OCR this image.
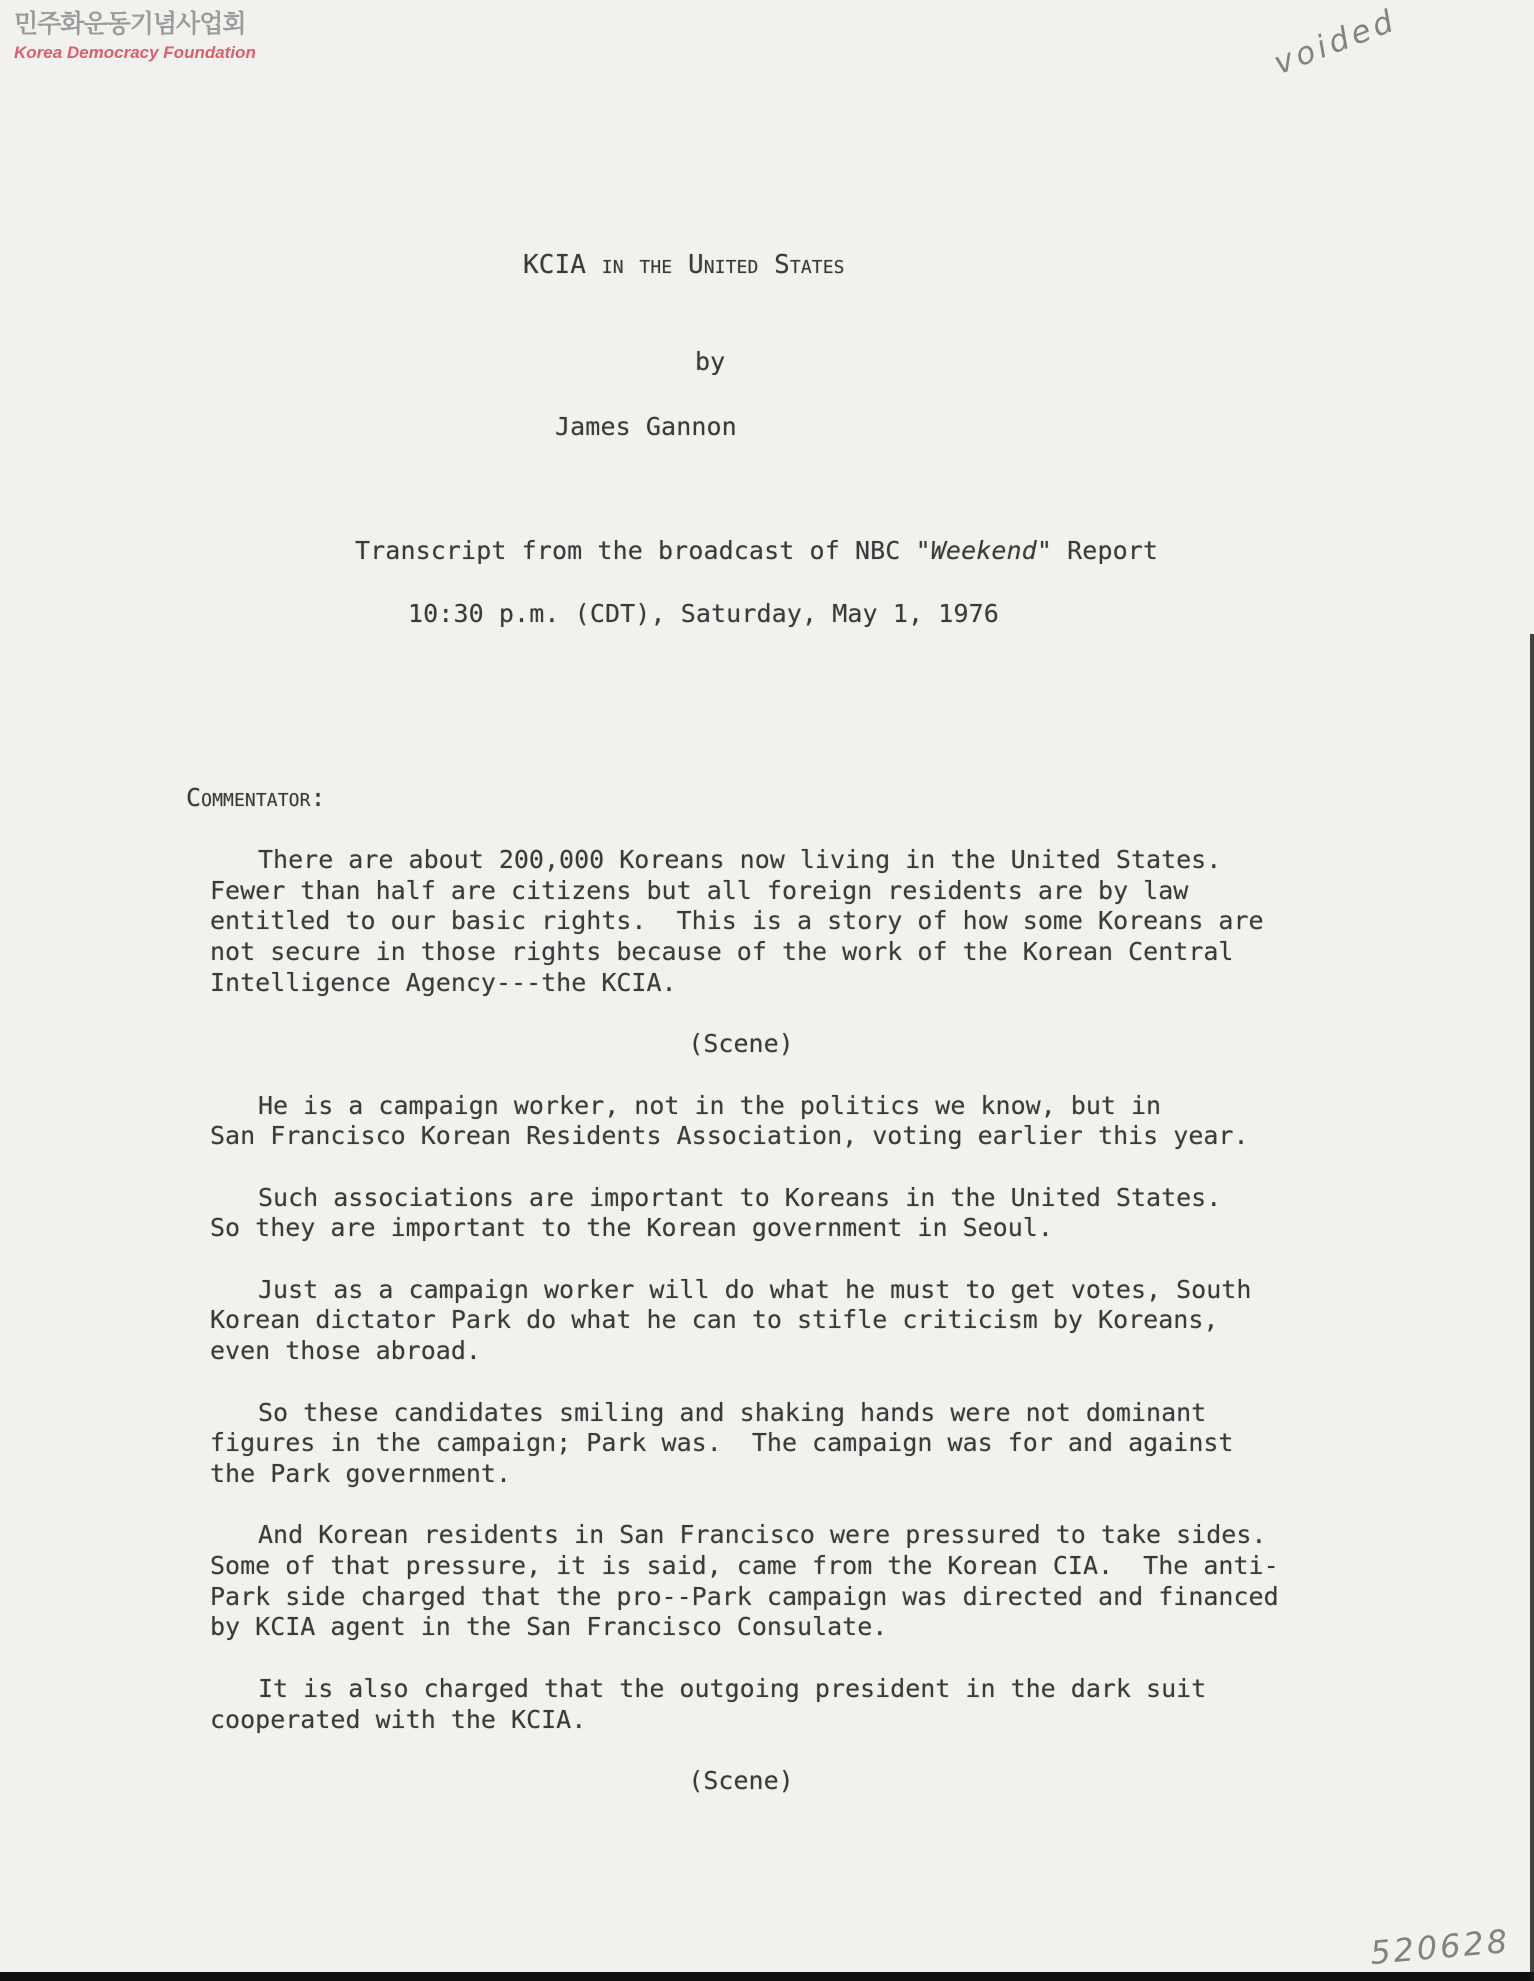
민주화운동기념사업회
Korea Democracy Foundation	voided
KCIA in the United States
by
James Gannon
Transcript from the broadcast of NBC "Weekend" Report
10:30 p.m. (CDT), Saturday, May 1, 1976
Commentator:
There are about 200,000 Koreans now living in the United States.
Fewer than half are citizens but all foreign residents are by law
entitled to our basic rights.  This is a story of how some Koreans are
not secure in those rights because of the work of the Korean Central
Intelligence Agency---the KCIA.
(Scene)
He is a campaign worker, not in the politics we know, but in
San Francisco Korean Residents Association, voting earlier this year.
Such associations are important to Koreans in the United States.
So they are important to the Korean government in Seoul.
Just as a campaign worker will do what he must to get votes, South
Korean dictator Park do what he can to stifle criticism by Koreans,
even those abroad.
So these candidates smiling and shaking hands were not dominant
figures in the campaign; Park was.  The campaign was for and against
the Park government.
And Korean residents in San Francisco were pressured to take sides.
Some of that pressure, it is said, came from the Korean CIA.  The anti-
Park side charged that the pro--Park campaign was directed and financed
by KCIA agent in the San Francisco Consulate.
It is also charged that the outgoing president in the dark suit
cooperated with the KCIA.
(Scene)
520628
